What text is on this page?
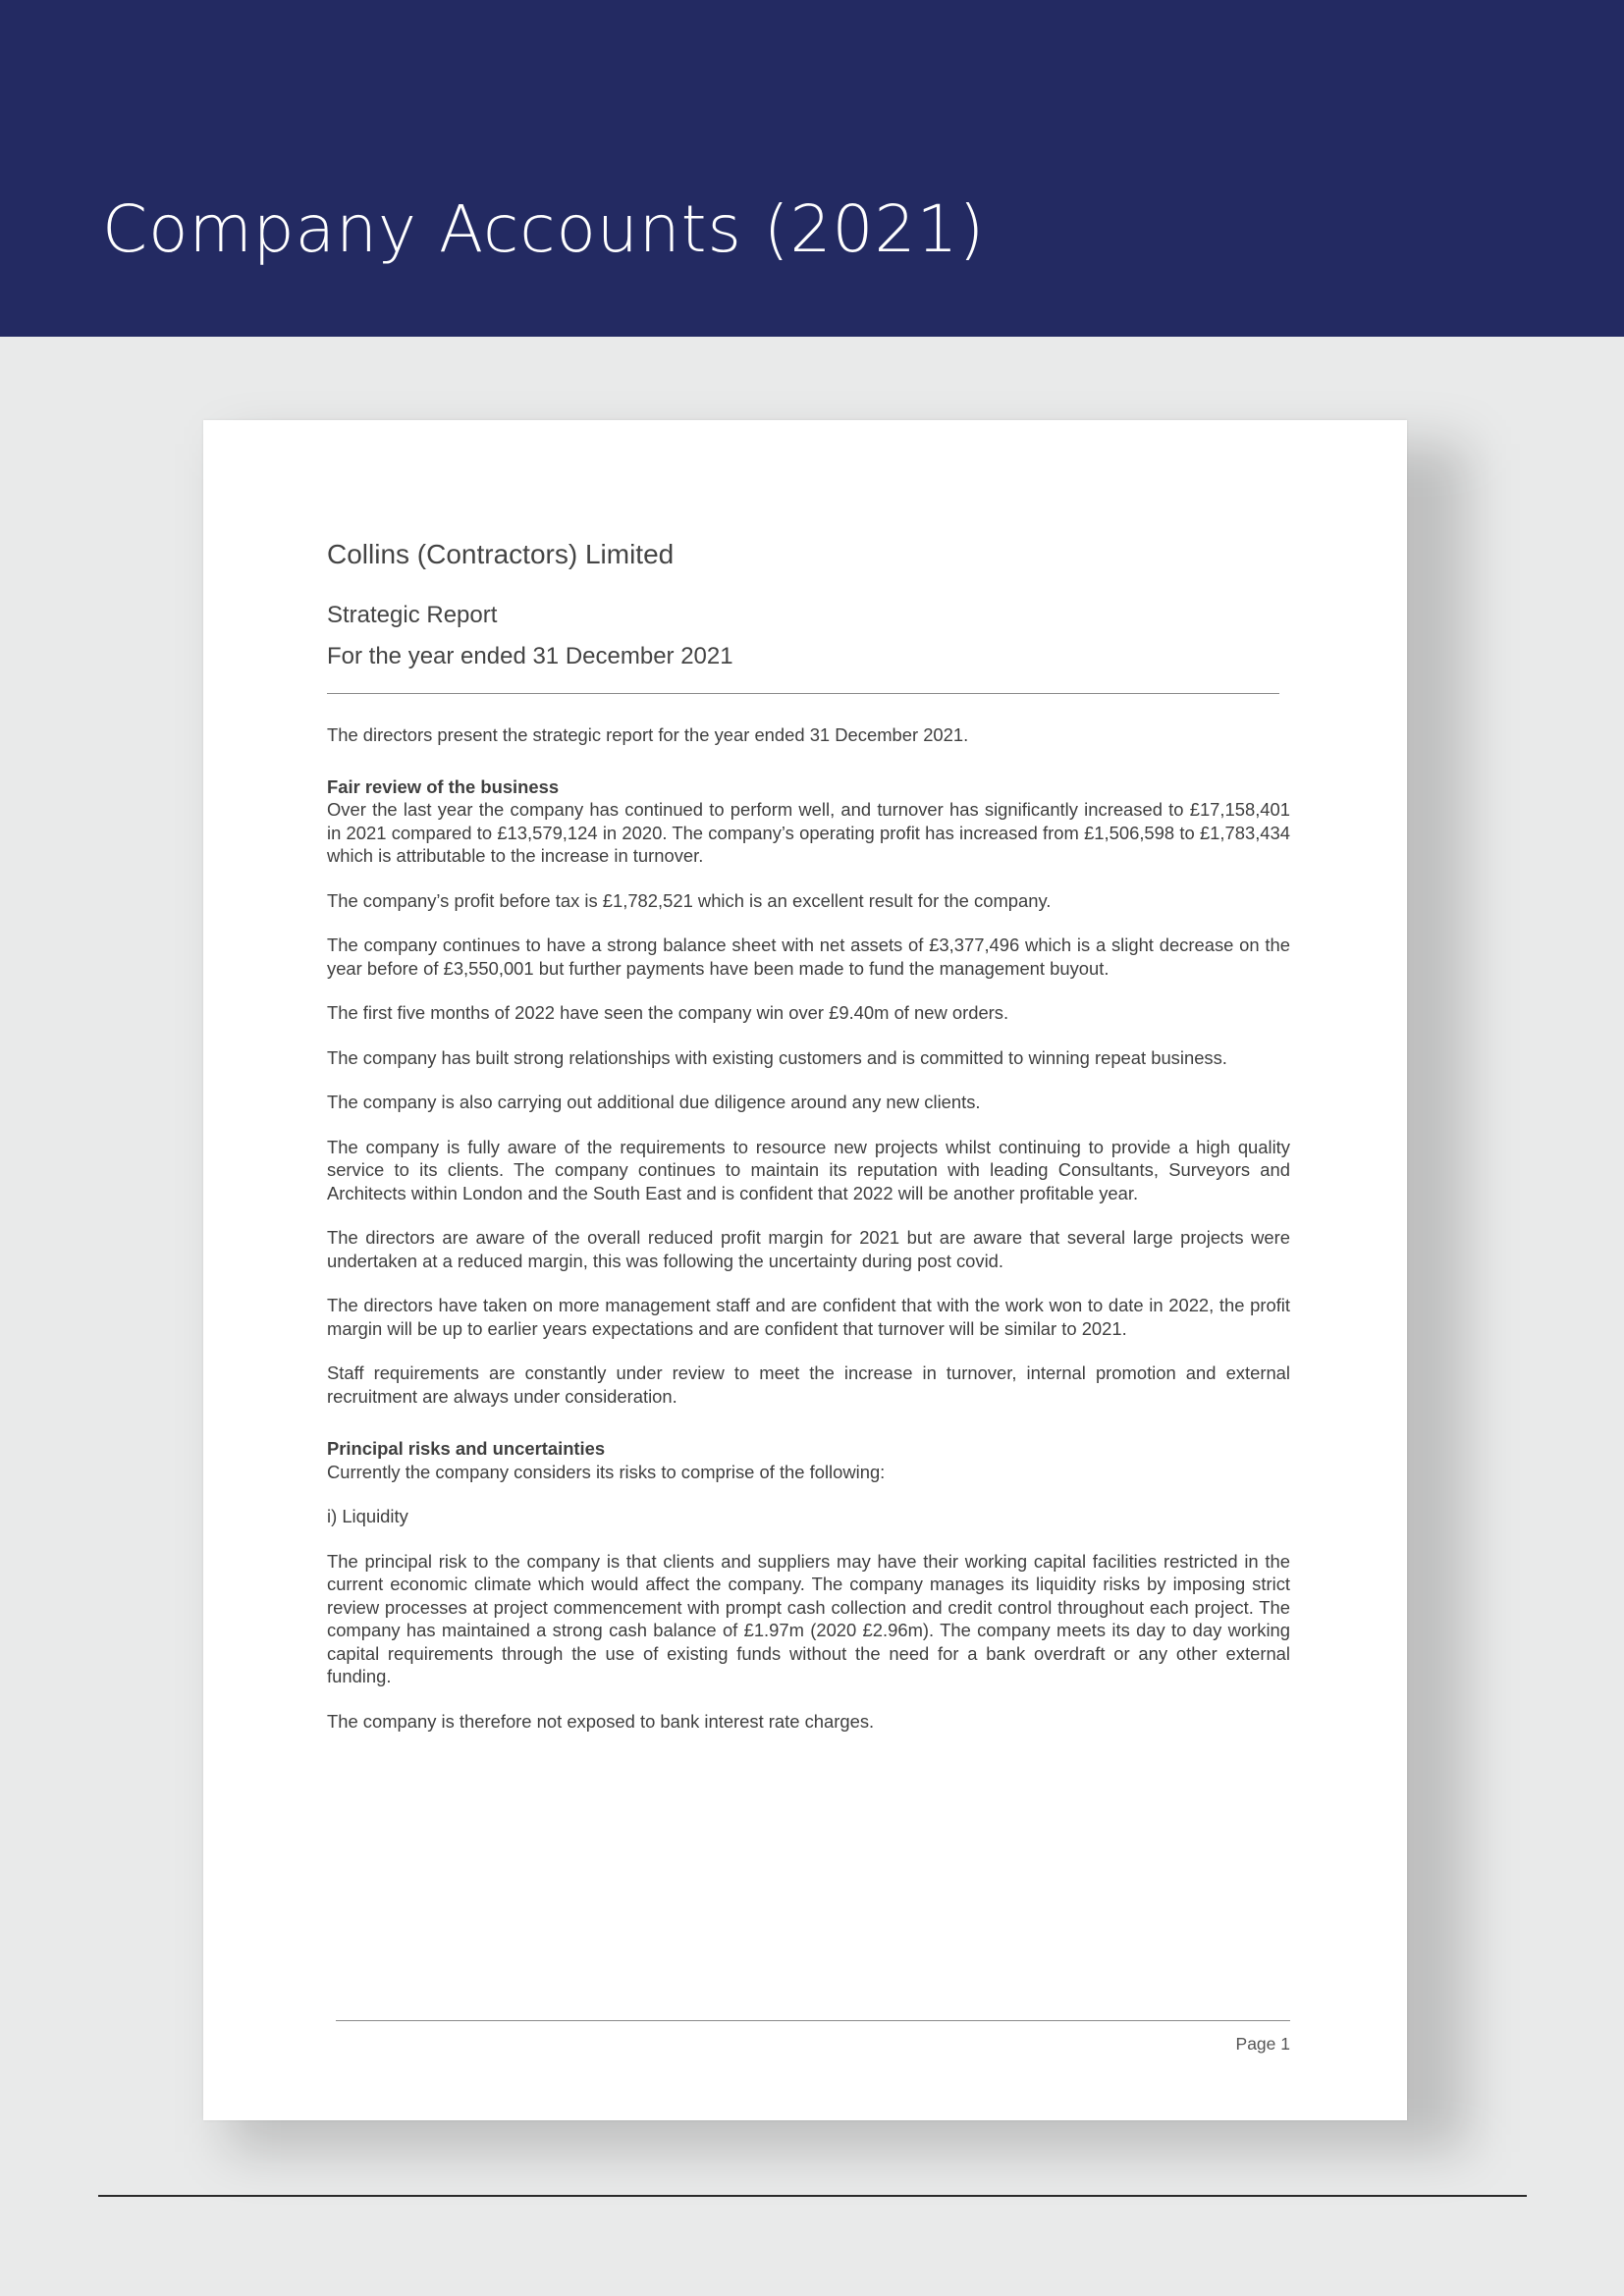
Company Accounts (2021)
Collins (Contractors) Limited
Strategic Report
For the year ended 31 December 2021

The directors present the strategic report for the year ended 31 December 2021.

Fair review of the business

Over the last year the company has continued to perform well, and turnover has significantly increased to £17,158,401 in 2021 compared to £13,579,124 in 2020. The company’s operating profit has increased from £1,506,598 to £1,783,434 which is attributable to the increase in turnover.

The company’s profit before tax is £1,782,521 which is an excellent result for the company.

The company continues to have a strong balance sheet with net assets of £3,377,496 which is a slight decrease on the year before of £3,550,001 but further payments have been made to fund the management buyout.

The first five months of 2022 have seen the company win over £9.40m of new orders.

The company has built strong relationships with existing customers and is committed to winning repeat business.

The company is also carrying out additional due diligence around any new clients.

The company is fully aware of the requirements to resource new projects whilst continuing to provide a high quality service to its clients. The company continues to maintain its reputation with leading Consultants, Surveyors and Architects within London and the South East and is confident that 2022 will be another profitable year.

The directors are aware of the overall reduced profit margin for 2021 but are aware that several large projects were undertaken at a reduced margin, this was following the uncertainty during post covid.

The directors have taken on more management staff and are confident that with the work won to date in 2022, the profit margin will be up to earlier years expectations and are confident that turnover will be similar to 2021.

Staff requirements are constantly under review to meet the increase in turnover, internal promotion and external recruitment are always under consideration.

Principal risks and uncertainties

Currently the company considers its risks to comprise of the following:

i) Liquidity

The principal risk to the company is that clients and suppliers may have their working capital facilities restricted in the current economic climate which would affect the company. The company manages its liquidity risks by imposing strict review processes at project commencement with prompt cash collection and credit control throughout each project. The company has maintained a strong cash balance of £1.97m (2020 £2.96m). The company meets its day to day working capital requirements through the use of existing funds without the need for a bank overdraft or any other external funding.

The company is therefore not exposed to bank interest rate charges.

Page 1
